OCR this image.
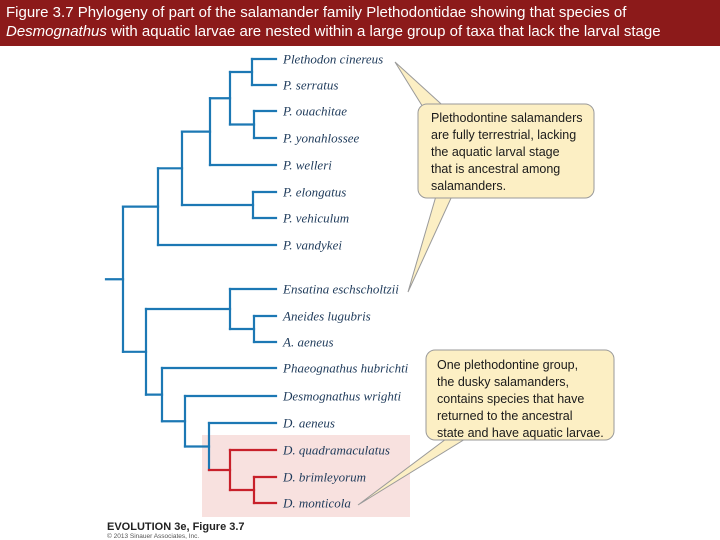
Figure 3.7 Phylogeny of part of the salamander family Plethodontidae showing that species of
Desmognathus with aquatic larvae are nested within a large group of taxa that lack the larval stage
Plethodon cinereus
P. serratus
P. ouachitae
P. yonahlossee
P. welleri
P. elongatus
P. vehiculum
P. vandykei
Ensatina eschscholtzii
Aneides lugubris
A. aeneus
Phaeognathus hubrichti
Desmognathus wrighti
D. aeneus
D. quadramaculatus
D. brimleyorum
D. monticola
Plethodontine salamanders
are fully terrestrial, lacking
the aquatic larval stage
that is ancestral among
salamanders.
One plethodontine group,
the dusky salamanders,
contains species that have
returned to the ancestral
state and have aquatic larvae.
EVOLUTION 3e, Figure 3.7
© 2013 Sinauer Associates, Inc.
